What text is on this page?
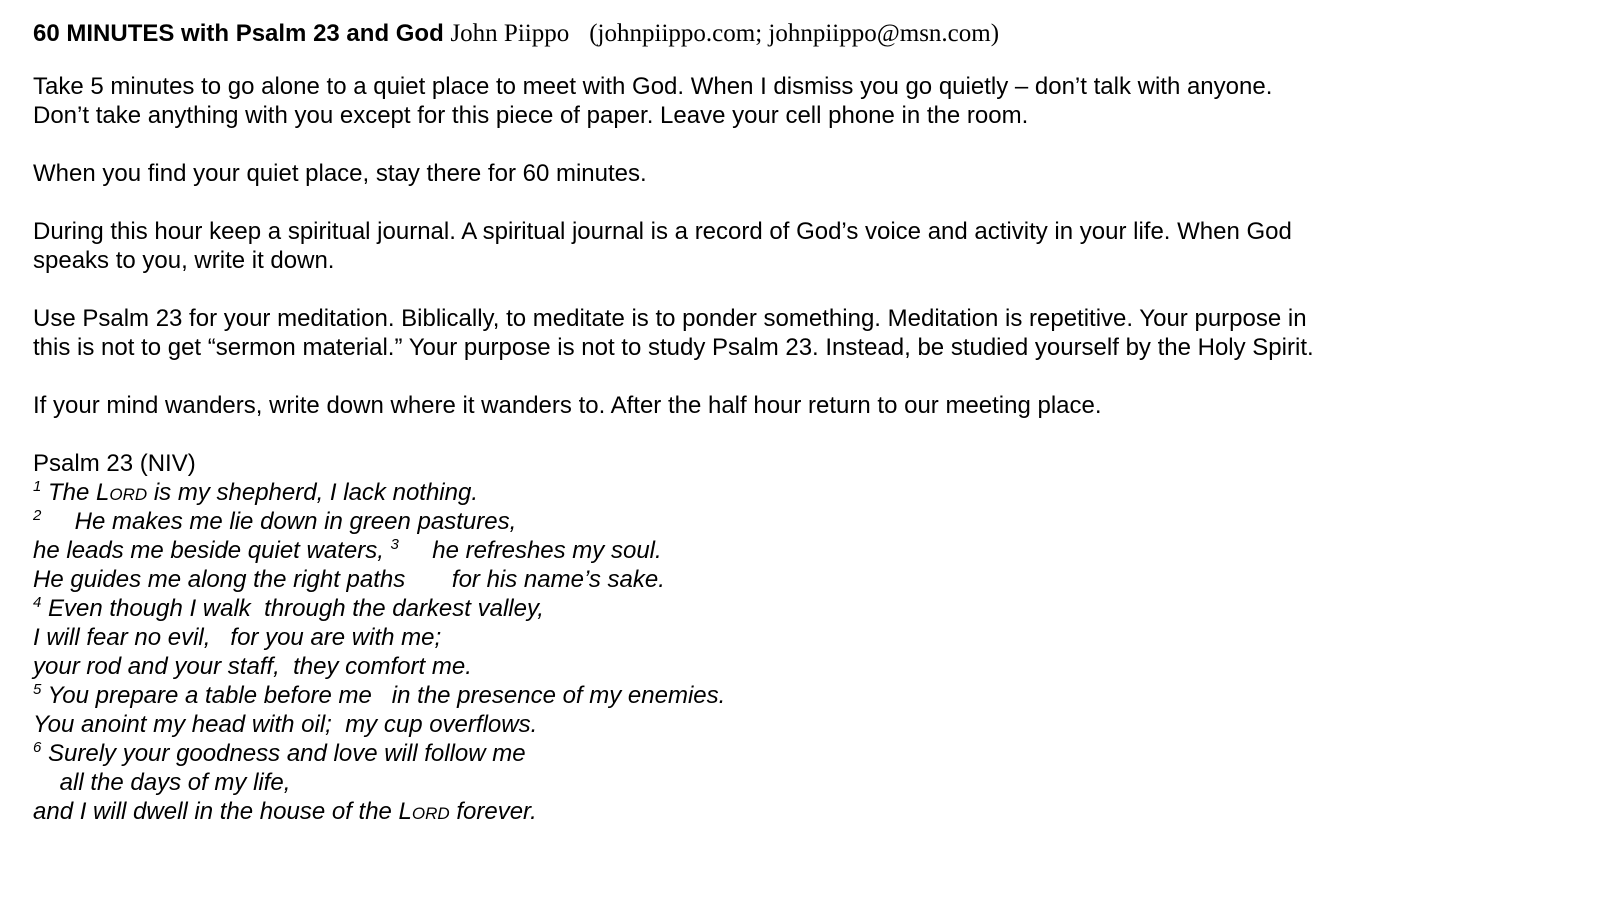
60 MINUTES with Psalm 23 and God John Piippo (johnpiippo.com; johnpiippo@msn.com)

Take 5 minutes to go alone to a quiet place to meet with God. When I dismiss you go quietly – don’t talk with anyone.
Don’t take anything with you except for this piece of paper. Leave your cell phone in the room.

When you find your quiet place, stay there for 60 minutes.

During this hour keep a spiritual journal. A spiritual journal is a record of God’s voice and activity in your life. When God
speaks to you, write it down.

Use Psalm 23 for your meditation. Biblically, to meditate is to ponder something. Meditation is repetitive. Your purpose in
this is not to get “sermon material.” Your purpose is not to study Psalm 23. Instead, be studied yourself by the Holy Spirit.

If your mind wanders, write down where it wanders to. After the half hour return to our meeting place.

Psalm 23 (NIV)
$^1$ The Lord is my shepherd, I lack nothing.
$^2$     He makes me lie down in green pastures,
he leads me beside quiet waters, $^3$     he refreshes my soul.
He guides me along the right paths       for his name’s sake.
$^4$ Even though I walk  through the darkest valley,
I will fear no evil,   for you are with me;
your rod and your staff,  they comfort me.
$^5$ You prepare a table before me   in the presence of my enemies.
You anoint my head with oil;  my cup overflows.
$^6$ Surely your goodness and love will follow me
all the days of my life,
and I will dwell in the house of the Lord forever.
